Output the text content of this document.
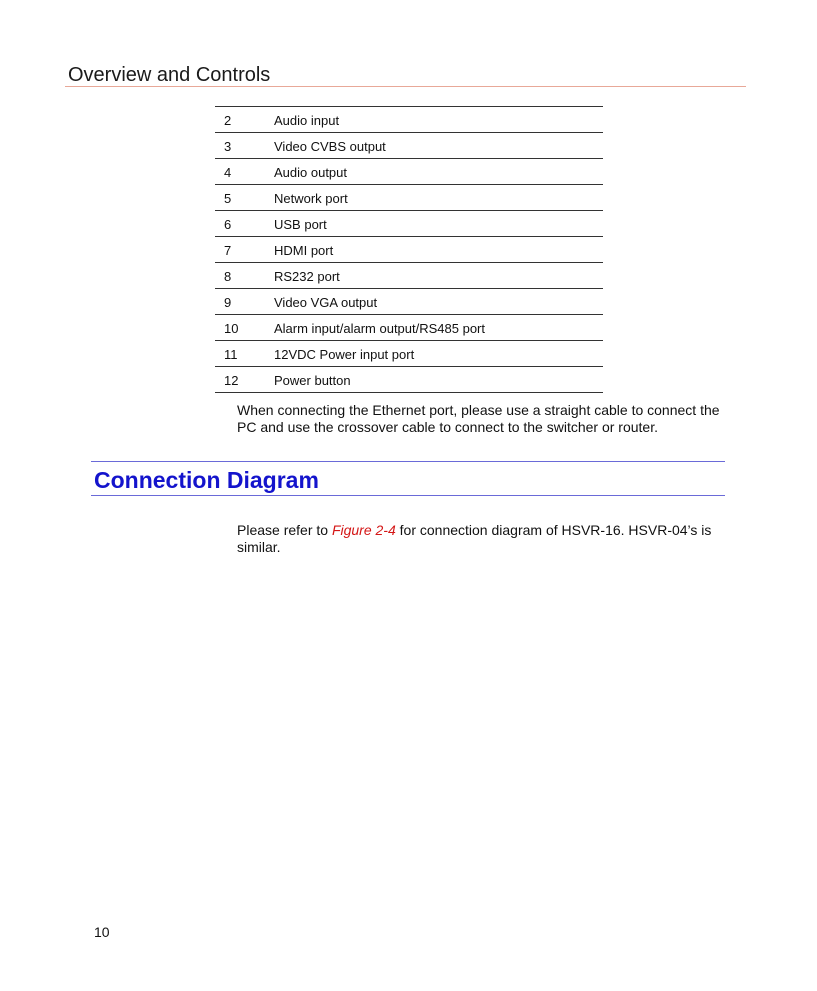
Overview and Controls
2	Audio input
3	Video CVBS output
4	Audio output
5	Network port
6	USB port
7	HDMI port
8	RS232 port
9	Video VGA output
10	Alarm input/alarm output/RS485 port
11	12VDC Power input port
12	Power button
When connecting the Ethernet port, please use a straight cable to connect the PC and use the crossover cable to connect to the switcher or router.
Connection Diagram
Please refer to Figure 2-4 for connection diagram of HSVR-16. HSVR-04’s is similar.
10
